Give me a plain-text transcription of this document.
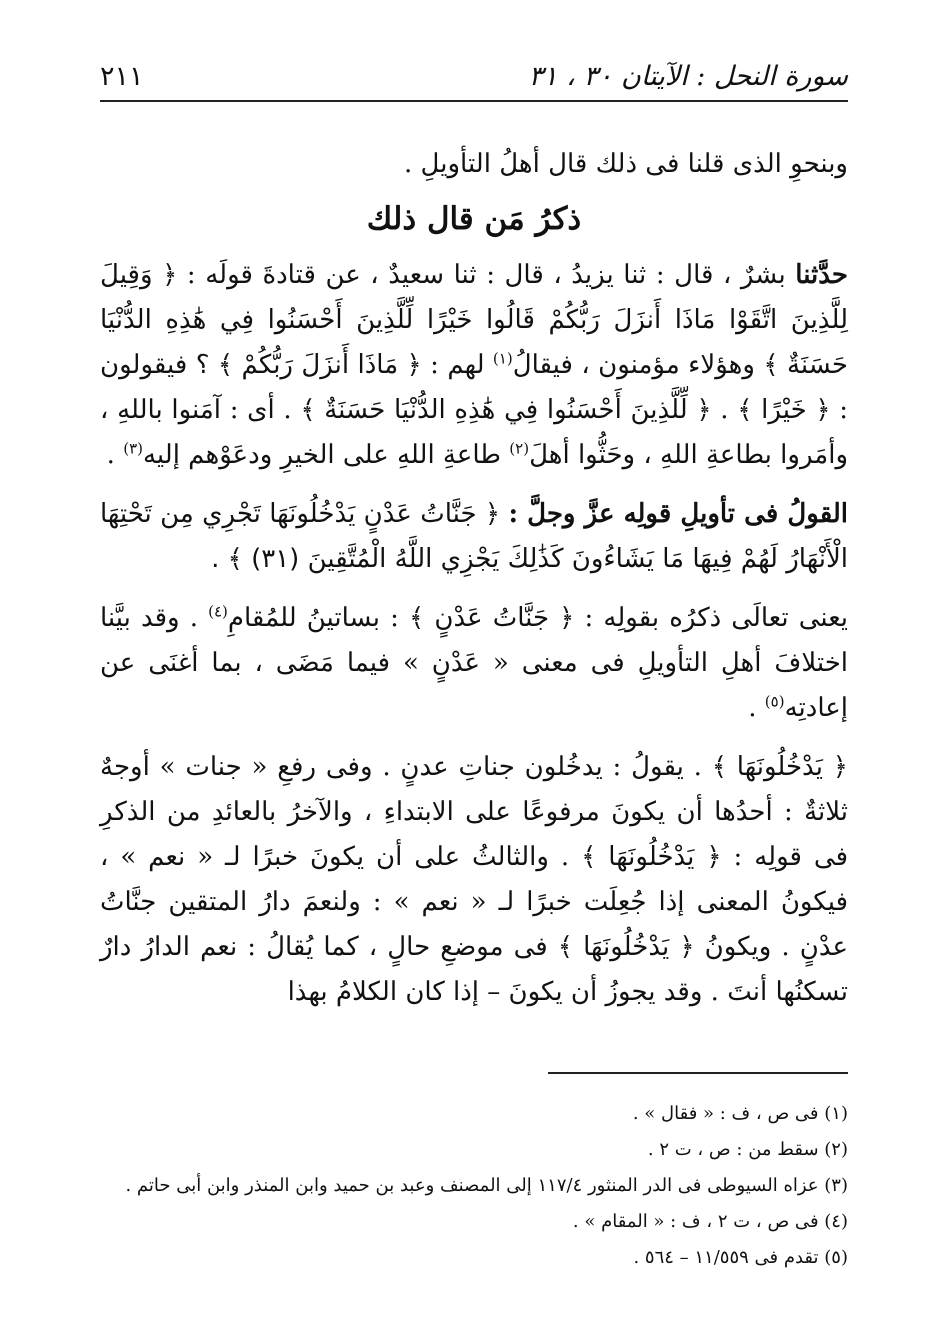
سورة النحل : الآيتان ٣٠ ، ٣١
٢١١

وبنحوِ الذى قلنا فى ذلك قال أهلُ التأويلِ .

ذكرُ مَن قال ذلك

حدَّثنا بشرٌ ، قال : ثنا يزيدُ ، قال : ثنا سعيدٌ ، عن قتادةَ قولَه : ﴿ وَقِيلَ لِلَّذِينَ اتَّقَوْا مَاذَا أَنزَلَ رَبُّكُمْ قَالُوا خَيْرًا لِّلَّذِينَ أَحْسَنُوا فِي هَٰذِهِ الدُّنْيَا حَسَنَةٌ ﴾ وهؤلاء مؤمنون ، فيقالُ$^{(١)}$ لهم : ﴿ مَاذَا أَنزَلَ رَبُّكُمْ ﴾ ؟ فيقولون : ﴿ خَيْرًا ﴾ . ﴿ لِّلَّذِينَ أَحْسَنُوا فِي هَٰذِهِ الدُّنْيَا حَسَنَةٌ ﴾ . أى : آمَنوا باللهِ ، وأمَروا بطاعةِ اللهِ ، وحَثُّوا أهلَ$^{(٢)}$ طاعةِ اللهِ على الخيرِ ودعَوْهم إليه$^{(٣)}$ .

القولُ فى تأويلِ قولِه عزَّ وجلَّ : ﴿ جَنَّاتُ عَدْنٍ يَدْخُلُونَهَا تَجْرِي مِن تَحْتِهَا الْأَنْهَارُ لَهُمْ فِيهَا مَا يَشَاءُونَ كَذَٰلِكَ يَجْزِي اللَّهُ الْمُتَّقِينَ (٣١) ﴾ .

يعنى تعالَى ذكرُه بقولِه : ﴿ جَنَّاتُ عَدْنٍ ﴾ : بساتينُ للمُقامِ$^{(٤)}$ . وقد بيَّنا اختلافَ أهلِ التأويلِ فى معنى « عَدْنٍ » فيما مَضَى ، بما أغنَى عن إعادتِه$^{(٥)}$ .

﴿ يَدْخُلُونَهَا ﴾ . يقولُ : يدخُلون جناتِ عدنٍ . وفى رفعِ « جنات » أوجهٌ ثلاثةٌ : أحدُها أن يكونَ مرفوعًا على الابتداءِ ، والآخرُ بالعائدِ من الذكرِ فى قولِه : ﴿ يَدْخُلُونَهَا ﴾ . والثالثُ على أن يكونَ خبرًا لـ « نعم » ، فيكونُ المعنى إذا جُعِلَت خبرًا لـ « نعم » : ولنعمَ دارُ المتقين جنَّاتُ عدْنٍ . ويكونُ ﴿ يَدْخُلُونَهَا ﴾ فى موضعِ حالٍ ، كما يُقالُ : نعم الدارُ دارٌ تسكنُها أنتَ . وقد يجوزُ أن يكونَ – إذا كان الكلامُ بهذا

(١) فى ص ، ف : « فقال » .
(٢) سقط من : ص ، ت ٢ .
(٣) عزاه السيوطى فى الدر المنثور ١١٧/٤ إلى المصنف وعبد بن حميد وابن المنذر وابن أبى حاتم .
(٤) فى ص ، ت ٢ ، ف : « المقام » .
(٥) تقدم فى ١١/٥٥٩ – ٥٦٤ .
